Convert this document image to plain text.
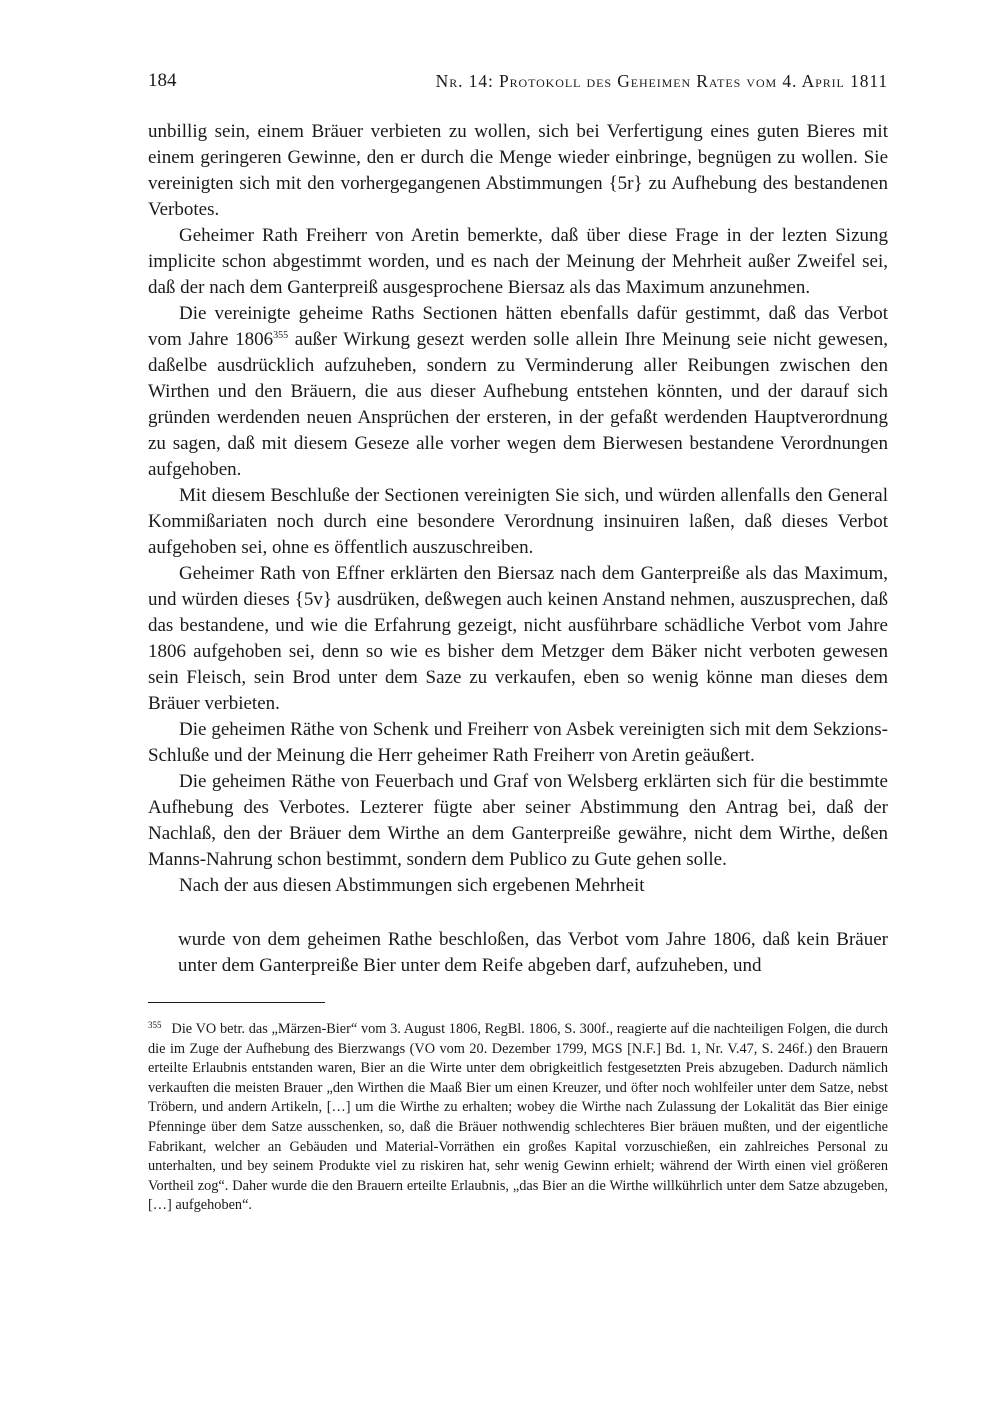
184	Nr. 14: Protokoll des Geheimen Rates vom 4. April 1811

unbillig sein, einem Bräuer verbieten zu wollen, sich bei Verfertigung eines guten Bieres mit einem geringeren Gewinne, den er durch die Menge wieder einbringe, begnügen zu wollen. Sie vereinigten sich mit den vorhergegangenen Abstimmungen {5r} zu Aufhebung des bestandenen Verbotes.

Geheimer Rath Freiherr von Aretin bemerkte, daß über diese Frage in der lezten Sizung implicite schon abgestimmt worden, und es nach der Meinung der Mehrheit außer Zweifel sei, daß der nach dem Ganterpreiß ausgesprochene Biersaz als das Maximum anzunehmen.

Die vereinigte geheime Raths Sectionen hätten ebenfalls dafür gestimmt, daß das Verbot vom Jahre 1806$^{355}$ außer Wirkung gesezt werden solle allein Ihre Meinung seie nicht gewesen, daßelbe ausdrücklich aufzuheben, sondern zu Verminderung aller Reibungen zwischen den Wirthen und den Bräuern, die aus dieser Aufhebung entstehen könnten, und der darauf sich gründen werdenden neuen Ansprüchen der ersteren, in der gefaßt werdenden Hauptverordnung zu sagen, daß mit diesem Geseze alle vorher wegen dem Bierwesen bestandene Verordnungen aufgehoben.

Mit diesem Beschluße der Sectionen vereinigten Sie sich, und würden allenfalls den General Kommißariaten noch durch eine besondere Verordnung insinuiren laßen, daß dieses Verbot aufgehoben sei, ohne es öffentlich auszuschreiben.

Geheimer Rath von Effner erklärten den Biersaz nach dem Ganterpreiße als das Maximum, und würden dieses {5v} ausdrüken, deßwegen auch keinen Anstand nehmen, auszusprechen, daß das bestandene, und wie die Erfahrung gezeigt, nicht ausführbare schädliche Verbot vom Jahre 1806 aufgehoben sei, denn so wie es bisher dem Metzger dem Bäker nicht verboten gewesen sein Fleisch, sein Brod unter dem Saze zu verkaufen, eben so wenig könne man dieses dem Bräuer verbieten.

Die geheimen Räthe von Schenk und Freiherr von Asbek vereinigten sich mit dem Sekzions-Schluße und der Meinung die Herr geheimer Rath Freiherr von Aretin geäußert.

Die geheimen Räthe von Feuerbach und Graf von Welsberg erklärten sich für die bestimmte Aufhebung des Verbotes. Lezterer fügte aber seiner Abstimmung den Antrag bei, daß der Nachlaß, den der Bräuer dem Wirthe an dem Ganterpreiße gewähre, nicht dem Wirthe, deßen Manns-Nahrung schon bestimmt, sondern dem Publico zu Gute gehen solle.

Nach der aus diesen Abstimmungen sich ergebenen Mehrheit

wurde von dem geheimen Rathe beschloßen, das Verbot vom Jahre 1806, daß kein Bräuer unter dem Ganterpreiße Bier unter dem Reife abgeben darf, aufzuheben, und
$^{355}$ Die VO betr. das „Märzen-Bier“ vom 3. August 1806, RegBl. 1806, S. 300f., reagierte auf die nachteiligen Folgen, die durch die im Zuge der Aufhebung des Bierzwangs (VO vom 20. Dezember 1799, MGS [N.F.] Bd. 1, Nr. V.47, S. 246f.) den Brauern erteilte Erlaubnis entstanden waren, Bier an die Wirte unter dem obrigkeitlich festgesetzten Preis abzugeben. Dadurch nämlich verkauften die meisten Brauer „den Wirthen die Maaß Bier um einen Kreuzer, und öfter noch wohlfeiler unter dem Satze, nebst Tröbern, und andern Artikeln, […] um die Wirthe zu erhalten; wobey die Wirthe nach Zulassung der Lokalität das Bier einige Pfenninge über dem Satze ausschenken, so, daß die Bräuer nothwendig schlechteres Bier bräuen mußten, und der eigentliche Fabrikant, welcher an Gebäuden und Material-Vorräthen ein großes Kapital vorzuschießen, ein zahlreiches Personal zu unterhalten, und bey seinem Produkte viel zu riskiren hat, sehr wenig Gewinn erhielt; während der Wirth einen viel größeren Vortheil zog“. Daher wurde die den Brauern erteilte Erlaubnis, „das Bier an die Wirthe willkührlich unter dem Satze abzugeben, […] aufgehoben“.
